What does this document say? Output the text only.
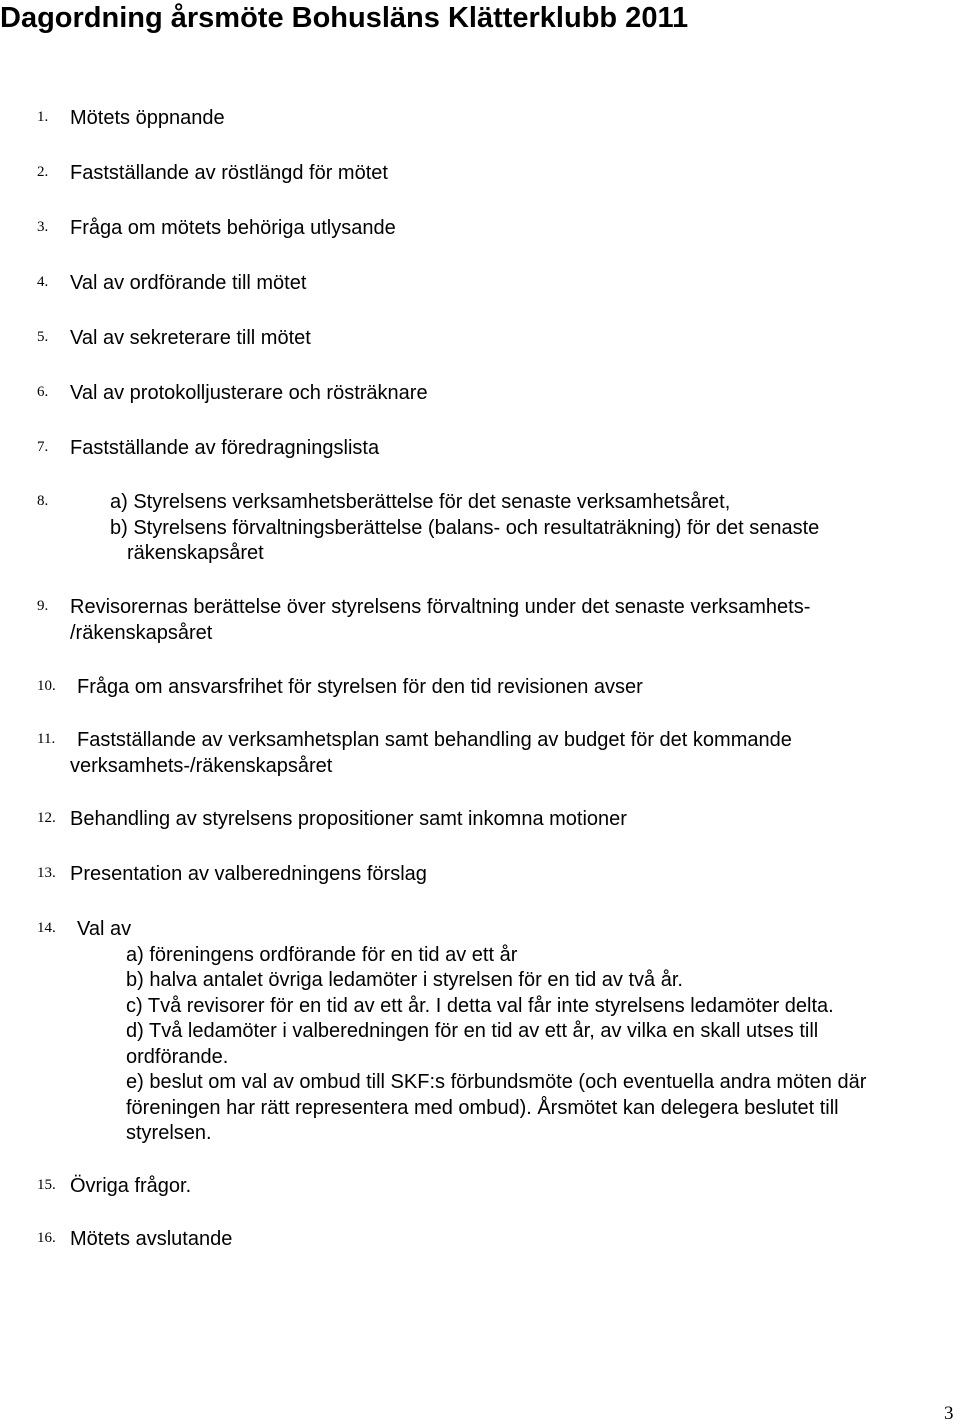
Dagordning årsmöte Bohusläns Klätterklubb 2011
1. Mötets öppnande
2. Fastställande av röstlängd för mötet
3. Fråga om mötets behöriga utlysande
4. Val av ordförande till mötet
5. Val av sekreterare till mötet
6. Val av protokolljusterare och rösträknare
7. Fastställande av föredragningslista
8.	a) Styrelsens verksamhetsberättelse för det senaste verksamhetsåret,
b) Styrelsens förvaltningsberättelse (balans- och resultaträkning) för det senaste
räkenskapsåret
9. Revisorernas berättelse över styrelsens förvaltning under det senaste verksamhets-
/räkenskapsåret
10. Fråga om ansvarsfrihet för styrelsen för den tid revisionen avser
11.	Fastställande av verksamhetsplan samt behandling av budget för det kommande
verksamhets-/räkenskapsåret
12. Behandling av styrelsens propositioner samt inkomna motioner
13. Presentation av valberedningens förslag
14.	Val av
a) föreningens ordförande för en tid av ett år
b) halva antalet övriga ledamöter i styrelsen för en tid av två år.
c) Två revisorer för en tid av ett år. I detta val får inte styrelsens ledamöter delta.
d) Två ledamöter i valberedningen för en tid av ett år, av vilka en skall utses till
ordförande.
e) beslut om val av ombud till SKF:s förbundsmöte (och eventuella andra möten där
föreningen har rätt representera med ombud). Årsmötet kan delegera beslutet till
styrelsen.
15. Övriga frågor.
16. Mötets avslutande
3
